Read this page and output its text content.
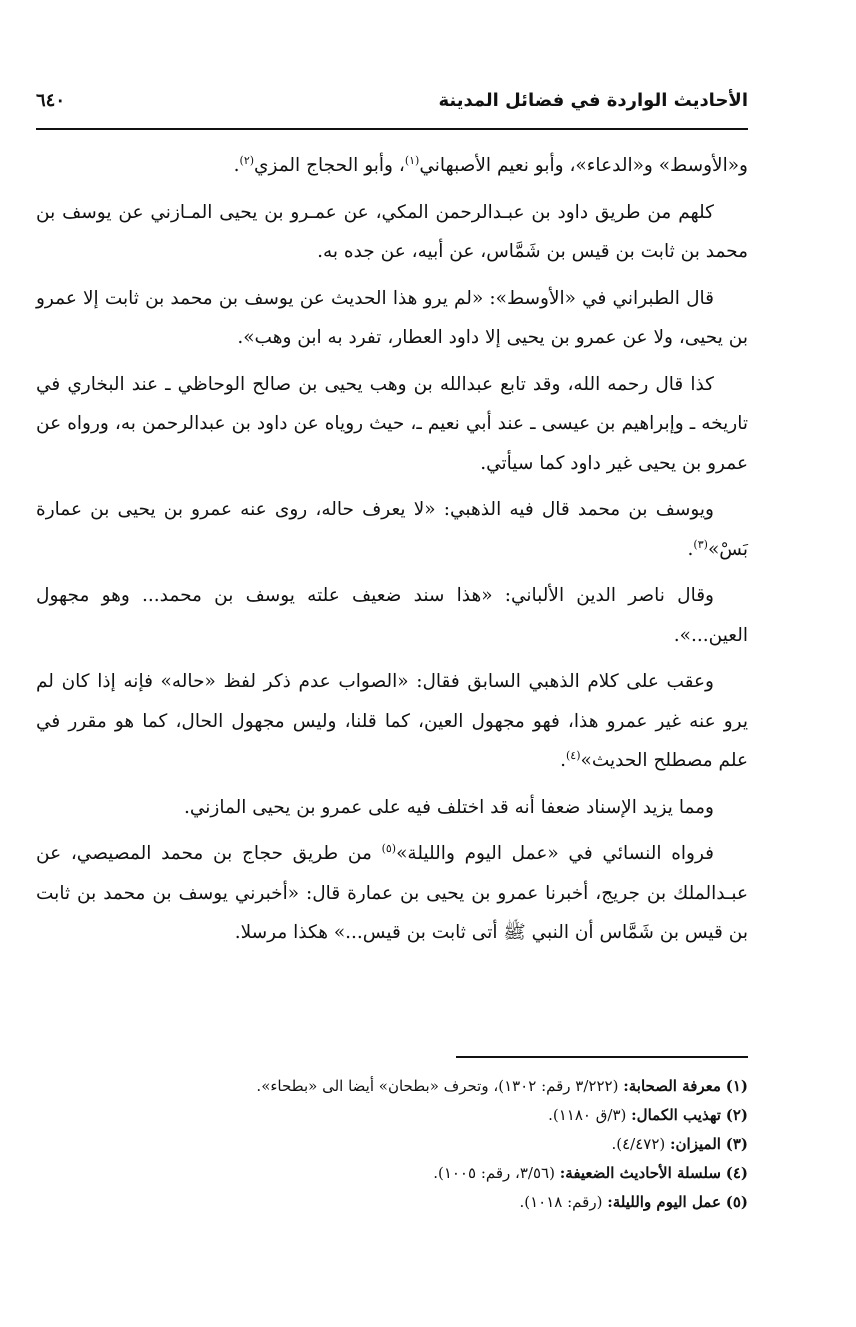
الأحاديث الواردة في فضائل المدينة
٦٤٠

و«الأوسط» و«الدعاء»، وأبو نعيم الأصبهاني$^{(١)}$، وأبو الحجاج المزي$^{(٢)}$.

كلهم من طريق داود بن عبـدالرحمن المكي، عن عمـرو بن يحيى المـازني عن يوسف بن محمد بن ثابت بن قيس بن شَمَّاس، عن أبيه، عن جده به.

قال الطبراني في «الأوسط»: «لم يرو هذا الحديث عن يوسف بن محمد بن ثابت إلا عمرو بن يحيى، ولا عن عمرو بن يحيى إلا داود العطار، تفرد به ابن وهب».

كذا قال رحمه الله، وقد تابع عبدالله بن وهب يحيى بن صالح الوحاظي ـ عند البخاري في تاريخه ـ وإبراهيم بن عيسى ـ عند أبي نعيم ـ، حيث روياه عن داود بن عبدالرحمن به، ورواه عن عمرو بن يحيى غير داود كما سيأتي.

ويوسف بن محمد قال فيه الذهبي: «لا يعرف حاله، روى عنه عمرو بن يحيى بن عمارة بَسْ»$^{(٣)}$.

وقال ناصر الدين الألباني: «هذا سند ضعيف علته يوسف بن محمد... وهو مجهول العين...».

وعقب على كلام الذهبي السابق فقال: «الصواب عدم ذكر لفظ «حاله» فإنه إذا كان لم يرو عنه غير عمرو هذا، فهو مجهول العين، كما قلنا، وليس مجهول الحال، كما هو مقرر في علم مصطلح الحديث»$^{(٤)}$.

ومما يزيد الإسناد ضعفا أنه قد اختلف فيه على عمرو بن يحيى المازني.

فرواه النسائي في «عمل اليوم والليلة»$^{(٥)}$ من طريق حجاج بن محمد المصيصي، عن عبـدالملك بن جريج، أخبرنا عمرو بن يحيى بن عمارة قال: «أخبرني يوسف بن محمد بن ثابت بن قيس بن شَمَّاس أن النبي ﷺ أتى ثابت بن قيس...» هكذا مرسلا.

(١) معرفة الصحابة: (٣/٢٢٢ رقم: ١٣٠٢)، وتحرف «بطحان» أيضا الى «بطحاء».
(٢) تهذيب الكمال: (٣/ق ١١٨٠).
(٣) الميزان: (٤/٤٧٢).
(٤) سلسلة الأحاديث الضعيفة: (٣/٥٦، رقم: ١٠٠٥).
(٥) عمل اليوم والليلة: (رقم: ١٠١٨).
